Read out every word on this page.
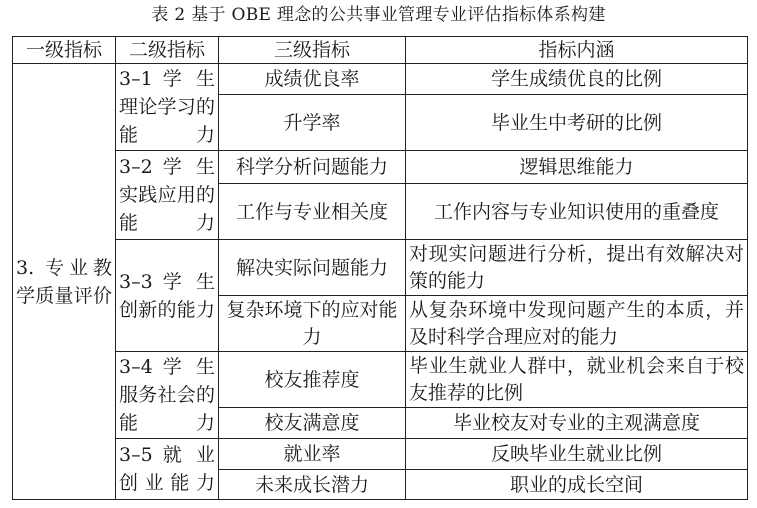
表 2 基于 OBE 理念的公共事业管理专业评估指标体系构建
一级指标	二级指标	三级指标	指标内涵
3. 专业教学质量评价	3–1 学 生理论学习的能力	成绩优良率	学生成绩优良的比例
		升学率	毕业生中考研的比例
	3–2 学 生实践应用的能力	科学分析问题能力	逻辑思维能力
		工作与专业相关度	工作内容与专业知识使用的重叠度
	3–3 学 生创新的能力	解决实际问题能力	对现实问题进行分析，提出有效解决对策的能力
		复杂环境下的应对能力	从复杂环境中发现问题产生的本质，并及时科学合理应对的能力
	3–4 学 生服务社会的能力	校友推荐度	毕业生就业人群中，就业机会来自于校友推荐的比例
		校友满意度	毕业校友对专业的主观满意度
	3–5 就 业创业能力	就业率	反映毕业生就业比例
		未来成长潜力	职业的成长空间
